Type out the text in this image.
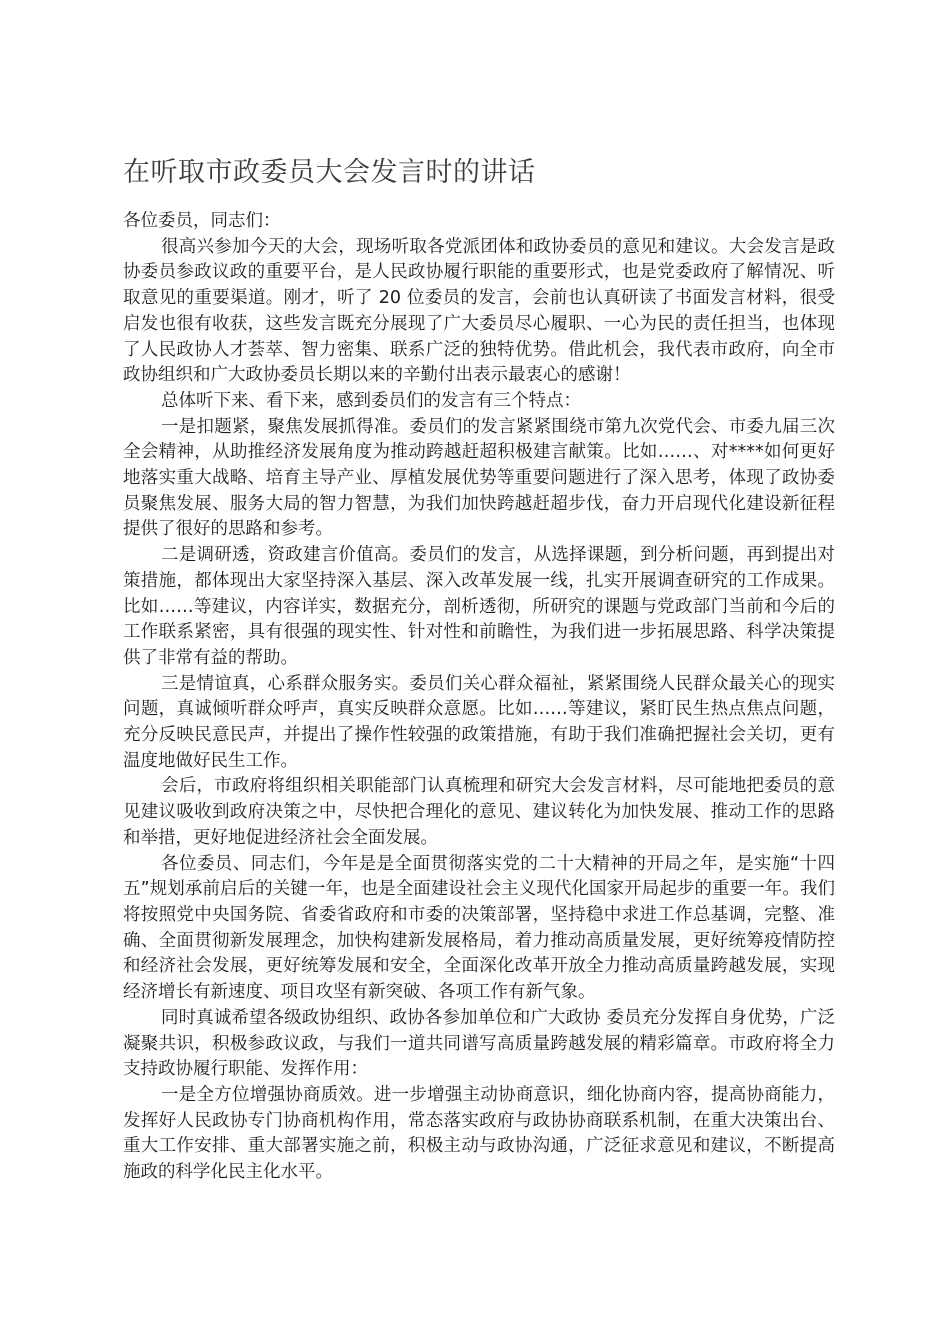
在听取市政委员大会发言时的讲话

各位委员，同志们：

很高兴参加今天的大会，现场听取各党派团体和政协委员的意见和建议。大会发言是政协委员参政议政的重要平台，是人民政协履行职能的重要形式，也是党委政府了解情况、听取意见的重要渠道。刚才，听了 20 位委员的发言，会前也认真研读了书面发言材料，很受启发也很有收获，这些发言既充分展现了广大委员尽心履职、一心为民的责任担当，也体现了人民政协人才荟萃、智力密集、联系广泛的独特优势。借此机会，我代表市政府，向全市政协组织和广大政协委员长期以来的辛勤付出表示最衷心的感谢！

总体听下来、看下来，感到委员们的发言有三个特点：

一是扣题紧，聚焦发展抓得准。委员们的发言紧紧围绕市第九次党代会、市委九届三次全会精神，从助推经济发展角度为推动跨越赶超积极建言献策。比如……、对****如何更好地落实重大战略、培育主导产业、厚植发展优势等重要问题进行了深入思考，体现了政协委员聚焦发展、服务大局的智力智慧，为我们加快跨越赶超步伐，奋力开启现代化建设新征程提供了很好的思路和参考。

二是调研透，资政建言价值高。委员们的发言，从选择课题，到分析问题，再到提出对策措施，都体现出大家坚持深入基层、深入改革发展一线，扎实开展调查研究的工作成果。比如……等建议，内容详实，数据充分，剖析透彻，所研究的课题与党政部门当前和今后的工作联系紧密，具有很强的现实性、针对性和前瞻性，为我们进一步拓展思路、科学决策提供了非常有益的帮助。

三是情谊真，心系群众服务实。委员们关心群众福祉，紧紧围绕人民群众最关心的现实问题，真诚倾听群众呼声，真实反映群众意愿。比如……等建议，紧盯民生热点焦点问题，充分反映民意民声，并提出了操作性较强的政策措施，有助于我们准确把握社会关切，更有温度地做好民生工作。

会后，市政府将组织相关职能部门认真梳理和研究大会发言材料，尽可能地把委员的意见建议吸收到政府决策之中，尽快把合理化的意见、建议转化为加快发展、推动工作的思路和举措，更好地促进经济社会全面发展。

各位委员、同志们，今年是是全面贯彻落实党的二十大精神的开局之年，是实施“十四五”规划承前启后的关键一年，也是全面建设社会主义现代化国家开局起步的重要一年。我们将按照党中央国务院、省委省政府和市委的决策部署，坚持稳中求进工作总基调，完整、准确、全面贯彻新发展理念，加快构建新发展格局，着力推动高质量发展，更好统筹疫情防控和经济社会发展，更好统筹发展和安全，全面深化改革开放全力推动高质量跨越发展，实现经济增长有新速度、项目攻坚有新突破、各项工作有新气象。

同时真诚希望各级政协组织、政协各参加单位和广大政协 委员充分发挥自身优势，广泛凝聚共识，积极参政议政，与我们一道共同谱写高质量跨越发展的精彩篇章。市政府将全力支持政协履行职能、发挥作用：

一是全方位增强协商质效。进一步增强主动协商意识，细化协商内容，提高协商能力，发挥好人民政协专门协商机构作用，常态落实政府与政协协商联系机制，在重大决策出台、重大工作安排、重大部署实施之前，积极主动与政协沟通，广泛征求意见和建议，不断提高施政的科学化民主化水平。
